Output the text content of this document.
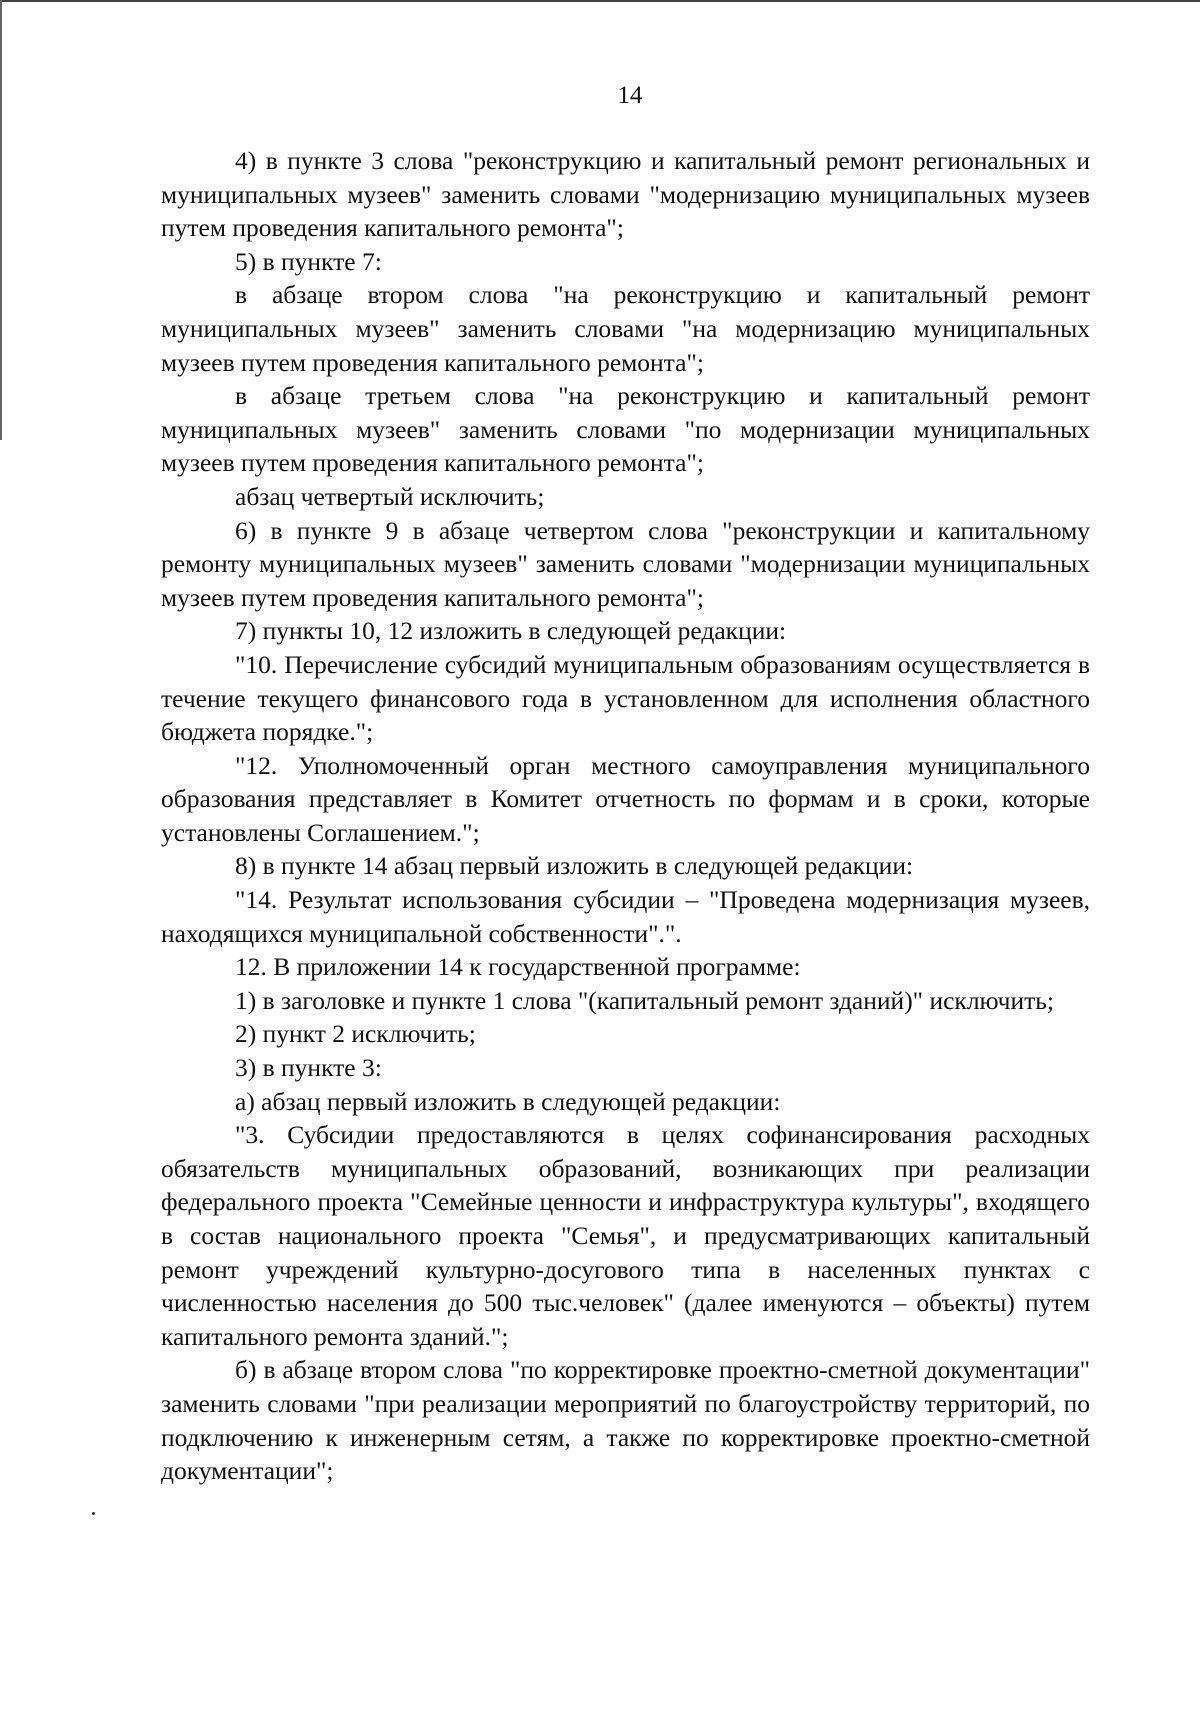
14

4) в пункте 3 слова "реконструкцию и капитальный ремонт региональных и муниципальных музеев" заменить словами "модернизацию муниципальных музеев путем проведения капитального ремонта";

5) в пункте 7:

в абзаце втором слова "на реконструкцию и капитальный ремонт муниципальных музеев" заменить словами "на модернизацию муниципальных музеев путем проведения капитального ремонта";

в абзаце третьем слова "на реконструкцию и капитальный ремонт муниципальных музеев" заменить словами "по модернизации муниципальных музеев путем проведения капитального ремонта";

абзац четвертый исключить;

6) в пункте 9 в абзаце четвертом слова "реконструкции и капитальному ремонту муниципальных музеев" заменить словами "модернизации муниципальных музеев путем проведения капитального ремонта";

7) пункты 10, 12 изложить в следующей редакции:

"10. Перечисление субсидий муниципальным образованиям осуществляется в течение текущего финансового года в установленном для исполнения областного бюджета порядке.";

"12. Уполномоченный орган местного самоуправления муниципального образования представляет в Комитет отчетность по формам и в сроки, которые установлены Соглашением.";

8) в пункте 14 абзац первый изложить в следующей редакции:

"14. Результат использования субсидии – "Проведена модернизация музеев, находящихся муниципальной собственности".".

12. В приложении 14 к государственной программе:

1) в заголовке и пункте 1 слова "(капитальный ремонт зданий)" исключить;

2) пункт 2 исключить;

3) в пункте 3:

а) абзац первый изложить в следующей редакции:

"3. Субсидии предоставляются в целях софинансирования расходных обязательств муниципальных образований, возникающих при реализации федерального проекта "Семейные ценности и инфраструктура культуры", входящего в состав национального проекта "Семья", и предусматривающих капитальный ремонт учреждений культурно-досугового типа в населенных пунктах с численностью населения до 500 тыс.человек" (далее именуются – объекты) путем капитального ремонта зданий.";

б) в абзаце втором слова "по корректировке проектно-сметной документации" заменить словами "при реализации мероприятий по благоустройству территорий, по подключению к инженерным сетям, а также по корректировке проектно-сметной документации";
